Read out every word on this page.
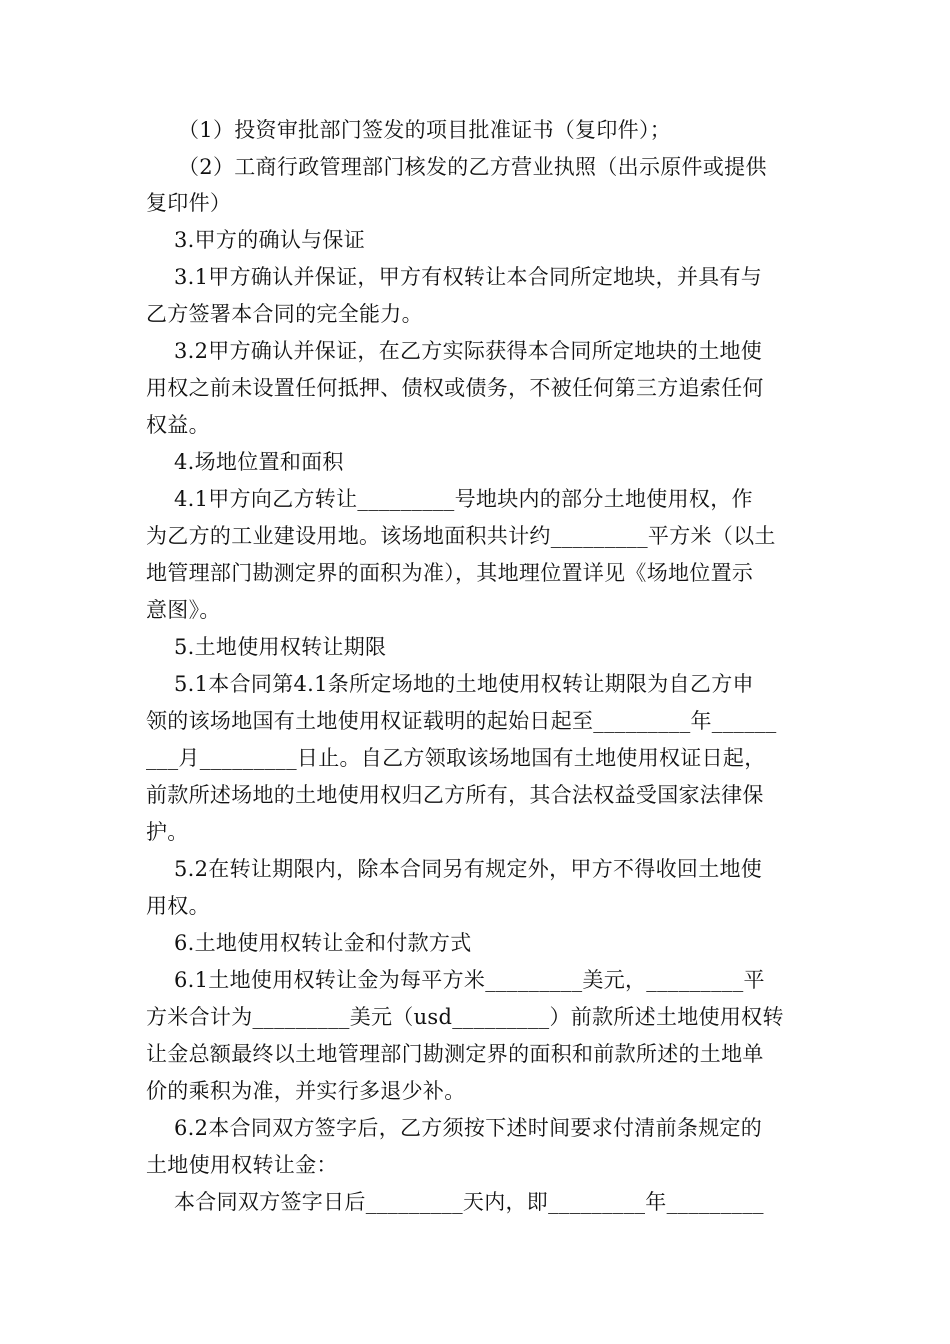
（1）投资审批部门签发的项目批准证书（复印件）；
（2）工商行政管理部门核发的乙方营业执照（出示原件或提供
复印件）
3.甲方的确认与保证
3.1甲方确认并保证，甲方有权转让本合同所定地块，并具有与
乙方签署本合同的完全能力。
3.2甲方确认并保证，在乙方实际获得本合同所定地块的土地使
用权之前未设置任何抵押、债权或债务，不被任何第三方追索任何
权益。
4.场地位置和面积
4.1甲方向乙方转让_________号地块内的部分土地使用权，作
为乙方的工业建设用地。该场地面积共计约_________平方米（以土
地管理部门勘测定界的面积为准），其地理位置详见《场地位置示
意图》。
5.土地使用权转让期限
5.1本合同第4.1条所定场地的土地使用权转让期限为自乙方申
领的该场地国有土地使用权证载明的起始日起至_________年______
___月_________日止。自乙方领取该场地国有土地使用权证日起，
前款所述场地的土地使用权归乙方所有，其合法权益受国家法律保
护。
5.2在转让期限内，除本合同另有规定外，甲方不得收回土地使
用权。
6.土地使用权转让金和付款方式
6.1土地使用权转让金为每平方米_________美元，_________平
方米合计为_________美元（usd_________）前款所述土地使用权转
让金总额最终以土地管理部门勘测定界的面积和前款所述的土地单
价的乘积为准，并实行多退少补。
6.2本合同双方签字后，乙方须按下述时间要求付清前条规定的
土地使用权转让金：
本合同双方签字日后_________天内，即_________年_________
